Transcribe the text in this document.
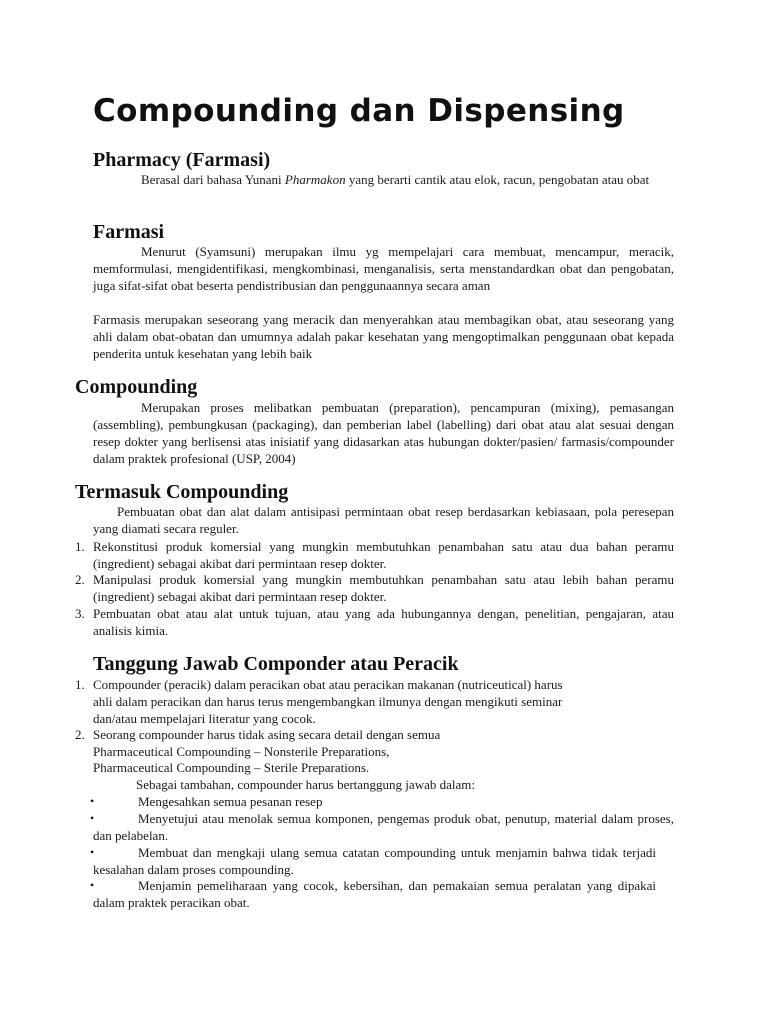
Compounding dan Dispensing
Pharmacy (Farmasi)

Berasal dari bahasa Yunani Pharmakon yang berarti cantik atau elok, racun, pengobatan atau obat

Farmasi

Menurut (Syamsuni) merupakan ilmu yg mempelajari cara membuat, mencampur, meracik, memformulasi, mengidentifikasi, mengkombinasi, menganalisis, serta menstandardkan obat dan pengobatan, juga sifat-sifat obat beserta pendistribusian dan penggunaannya secara aman

Farmasis merupakan seseorang yang meracik dan menyerahkan atau membagikan obat, atau seseorang yang ahli dalam obat-obatan dan umumnya adalah pakar kesehatan yang mengoptimalkan penggunaan obat kepada penderita untuk kesehatan yang lebih baik

Compounding

Merupakan proses melibatkan pembuatan (preparation), pencampuran (mixing), pemasangan (assembling), pembungkusan (packaging), dan pemberian label (labelling) dari obat atau alat sesuai dengan resep dokter yang berlisensi atas inisiatif yang didasarkan atas hubungan dokter/pasien/ farmasis/compounder dalam praktek profesional (USP, 2004)

Termasuk Compounding

Pembuatan obat dan alat dalam antisipasi permintaan obat resep berdasarkan kebiasaan, pola peresepan yang diamati secara reguler.

1. Rekonstitusi produk komersial yang mungkin membutuhkan penambahan satu atau dua bahan peramu (ingredient) sebagai akibat dari permintaan resep dokter.

2. Manipulasi produk komersial yang mungkin membutuhkan penambahan satu atau lebih bahan peramu (ingredient) sebagai akibat dari permintaan resep dokter.

3. Pembuatan obat atau alat untuk tujuan, atau yang ada hubungannya dengan, penelitian, pengajaran, atau analisis kimia.

Tanggung Jawab Componder atau Peracik
1. Compounder (peracik) dalam peracikan obat atau peracikan makanan (nutriceutical) harus
ahli dalam peracikan dan harus terus mengembangkan ilmunya dengan mengikuti seminar
dan/atau mempelajari literatur yang cocok.
2. Seorang compounder harus tidak asing secara detail dengan semua
Pharmaceutical Compounding – Nonsterile Preparations,
Pharmaceutical Compounding – Sterile Preparations.
Sebagai tambahan, compounder harus bertanggung jawab dalam:
•	Mengesahkan semua pesanan resep

•	Menyetujui atau menolak semua komponen, pengemas produk obat, penutup, material dalam proses, dan pelabelan.

•	Membuat dan mengkaji ulang semua catatan compounding untuk menjamin bahwa tidak terjadi kesalahan dalam proses compounding.

•	Menjamin pemeliharaan yang cocok, kebersihan, dan pemakaian semua peralatan yang dipakai dalam praktek peracikan obat.
